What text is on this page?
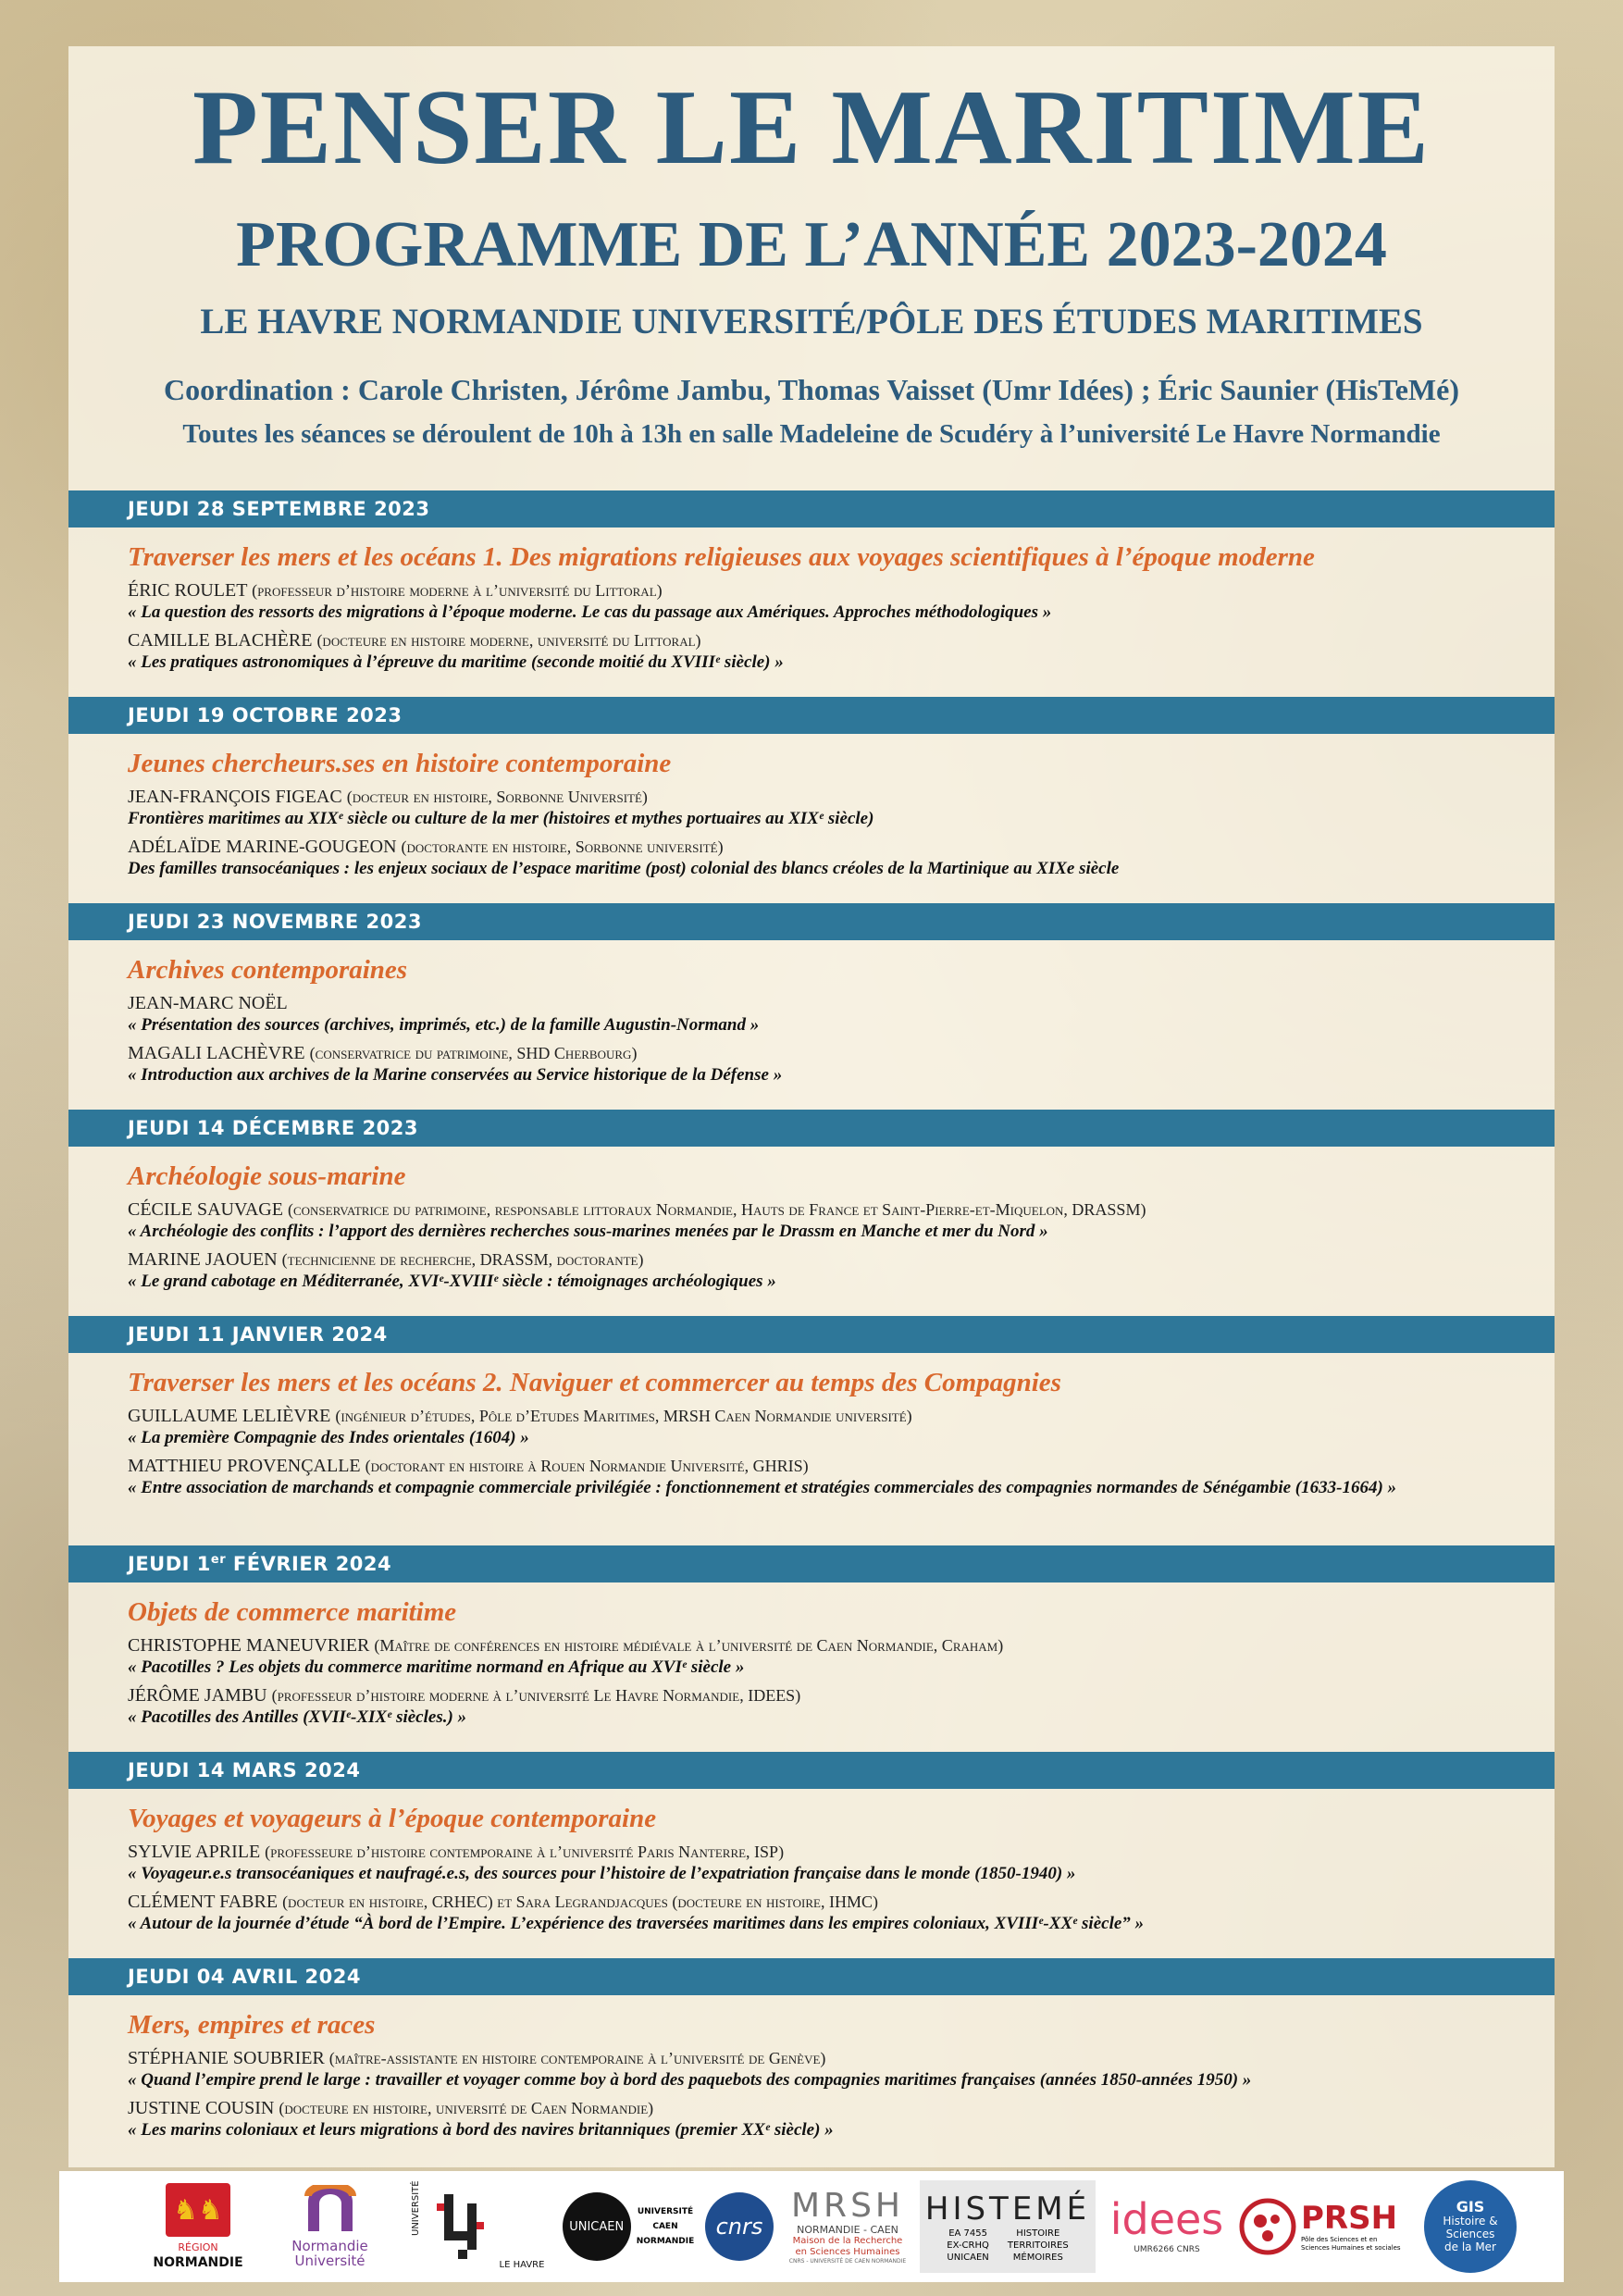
PENSER LE MARITIME
PROGRAMME DE L’ANNÉE 2023-2024
LE HAVRE NORMANDIE UNIVERSITÉ/PÔLE DES ÉTUDES MARITIMES
Coordination : Carole Christen, Jérôme Jambu, Thomas Vaisset (Umr Idées) ; Éric Saunier (HisTeMé)
Toutes les séances se déroulent de 10h à 13h en salle Madeleine de Scudéry à l’université Le Havre Normandie
JEUDI 28 SEPTEMBRE 2023
Traverser les mers et les océans 1. Des migrations religieuses aux voyages scientifiques à l’époque moderne
ÉRIC ROULET (professeur d’histoire moderne à l’université du Littoral)
« La question des ressorts des migrations à l’époque moderne. Le cas du passage aux Amériques. Approches méthodologiques »
CAMILLE BLACHÈRE (docteure en histoire moderne, université du Littoral)
« Les pratiques astronomiques à l’épreuve du maritime (seconde moitié du XVIIIᵉ siècle) »
JEUDI 19 OCTOBRE 2023
Jeunes chercheurs.ses en histoire contemporaine
JEAN-FRANÇOIS FIGEAC (docteur en histoire, Sorbonne Université)
Frontières maritimes au XIXᵉ siècle ou culture de la mer (histoires et mythes portuaires au XIXᵉ siècle)
ADÉLAÏDE MARINE-GOUGEON (doctorante en histoire, Sorbonne université)
Des familles transocéaniques : les enjeux sociaux de l’espace maritime (post) colonial des blancs créoles de la Martinique au XIXe siècle
JEUDI 23 NOVEMBRE 2023
Archives contemporaines
JEAN-MARC NOËL
« Présentation des sources (archives, imprimés, etc.) de la famille Augustin-Normand »
MAGALI LACHÈVRE (conservatrice du patrimoine, SHD Cherbourg)
« Introduction aux archives de la Marine conservées au Service historique de la Défense »
JEUDI 14 DÉCEMBRE 2023
Archéologie sous-marine
CÉCILE SAUVAGE (conservatrice du patrimoine, responsable littoraux Normandie, Hauts de France et Saint-Pierre-et-Miquelon, DRASSM)
« Archéologie des conflits : l’apport des dernières recherches sous-marines menées par le Drassm en Manche et mer du Nord »
MARINE JAOUEN (technicienne de recherche, DRASSM, doctorante)
« Le grand cabotage en Méditerranée, XVIᵉ-XVIIIᵉ siècle : témoignages archéologiques »
JEUDI 11 JANVIER 2024
Traverser les mers et les océans 2. Naviguer et commercer au temps des Compagnies
GUILLAUME LELIÈVRE (ingénieur d’études, Pôle d’Etudes Maritimes, MRSH Caen Normandie université)
« La première Compagnie des Indes orientales (1604) »
MATTHIEU PROVENÇALLE (doctorant en histoire à Rouen Normandie Université, GHRIS)
« Entre association de marchands et compagnie commerciale privilégiée : fonctionnement et stratégies commerciales des compagnies normandes de Sénégambie (1633-1664) »
JEUDI 1er FÉVRIER 2024
Objets de commerce maritime
CHRISTOPHE MANEUVRIER (Maître de conférences en histoire médiévale à l’université de Caen Normandie, Craham)
« Pacotilles ? Les objets du commerce maritime normand en Afrique au XVIᵉ siècle »
JÉRÔME JAMBU (professeur d’histoire moderne à l’université Le Havre Normandie, IDEES)
« Pacotilles des Antilles (XVIIᵉ-XIXᵉ siècles.) »
JEUDI 14 MARS 2024
Voyages et voyageurs à l’époque contemporaine
SYLVIE APRILE (professeure d’histoire contemporaine à l’université Paris Nanterre, ISP)
« Voyageur.e.s transocéaniques et naufragé.e.s, des sources pour l’histoire de l’expatriation française dans le monde (1850-1940) »
CLÉMENT FABRE (docteur en histoire, CRHEC) et Sara Legrandjacques (docteure en histoire, IHMC)
« Autour de la journée d’étude “À bord de l’Empire. L’expérience des traversées maritimes dans les empires coloniaux, XVIIIᵉ-XXᵉ siècle” »
JEUDI 04 AVRIL 2024
Mers, empires et races
STÉPHANIE SOUBRIER (maître-assistante en histoire contemporaine à l’université de Genève)
« Quand l’empire prend le large : travailler et voyager comme boy à bord des paquebots des compagnies maritimes françaises (années 1850-années 1950) »
JUSTINE COUSIN (docteure en histoire, université de Caen Normandie)
« Les marins coloniaux et leurs migrations à bord des navires britanniques (premier XXᵉ siècle) »
♞♞
RÉGION
NORMANDIE
Normandie Université
UNIVERSITÉ
LE HAVRE
UNICAEN
UNIVERSITÉ
CAEN
NORMANDIE
cnrs
MRSH
NORMANDIE - CAEN
Maison de la Recherche
en Sciences Humaines
CNRS - UNIVERSITÉ DE CAEN NORMANDIE
HISTEMÉ
EA 7455
EX-CRHQ
UNICAEN
HISTOIRE
TERRITOIRES
MÉMOIRES
idees
UMR6266 CNRS
PRSH
Pôle des Sciences et en Sciences Humaines et sociales
GIS
Histoire &
Sciences
de la Mer
